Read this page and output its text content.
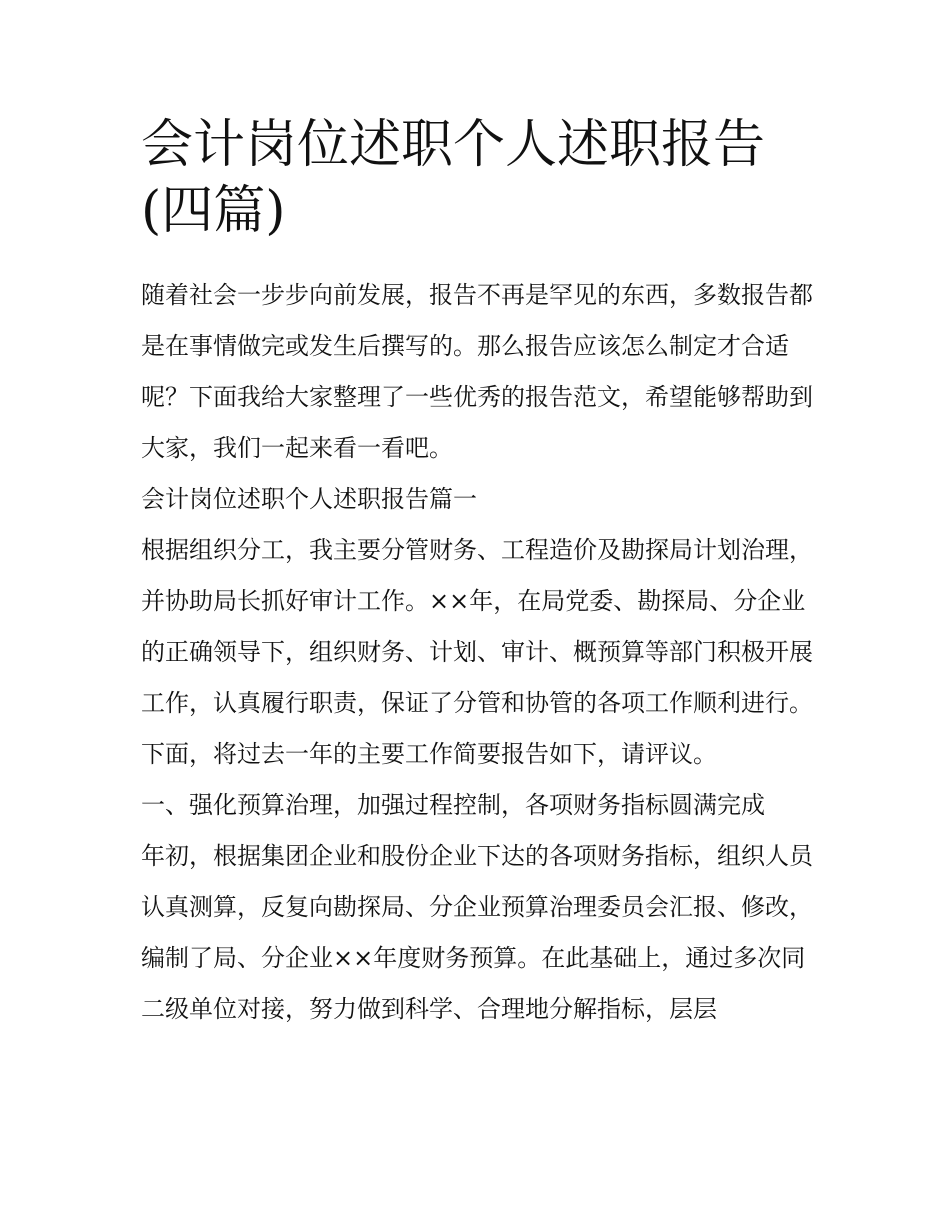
会计岗位述职个人述职报告(四篇)

随着社会一步步向前发展，报告不再是罕见的东西，多数报告都是在事情做完或发生后撰写的。那么报告应该怎么制定才合适呢？下面我给大家整理了一些优秀的报告范文，希望能够帮助到大家，我们一起来看一看吧。

会计岗位述职个人述职报告篇一

根据组织分工，我主要分管财务、工程造价及勘探局计划治理，并协助局长抓好审计工作。××年，在局党委、勘探局、分企业的正确领导下，组织财务、计划、审计、概预算等部门积极开展工作，认真履行职责，保证了分管和协管的各项工作顺利进行。下面，将过去一年的主要工作简要报告如下，请评议。

一、强化预算治理，加强过程控制，各项财务指标圆满完成

年初，根据集团企业和股份企业下达的各项财务指标，组织人员认真测算，反复向勘探局、分企业预算治理委员会汇报、修改，编制了局、分企业××年度财务预算。在此基础上，通过多次同二级单位对接，努力做到科学、合理地分解指标，层层
